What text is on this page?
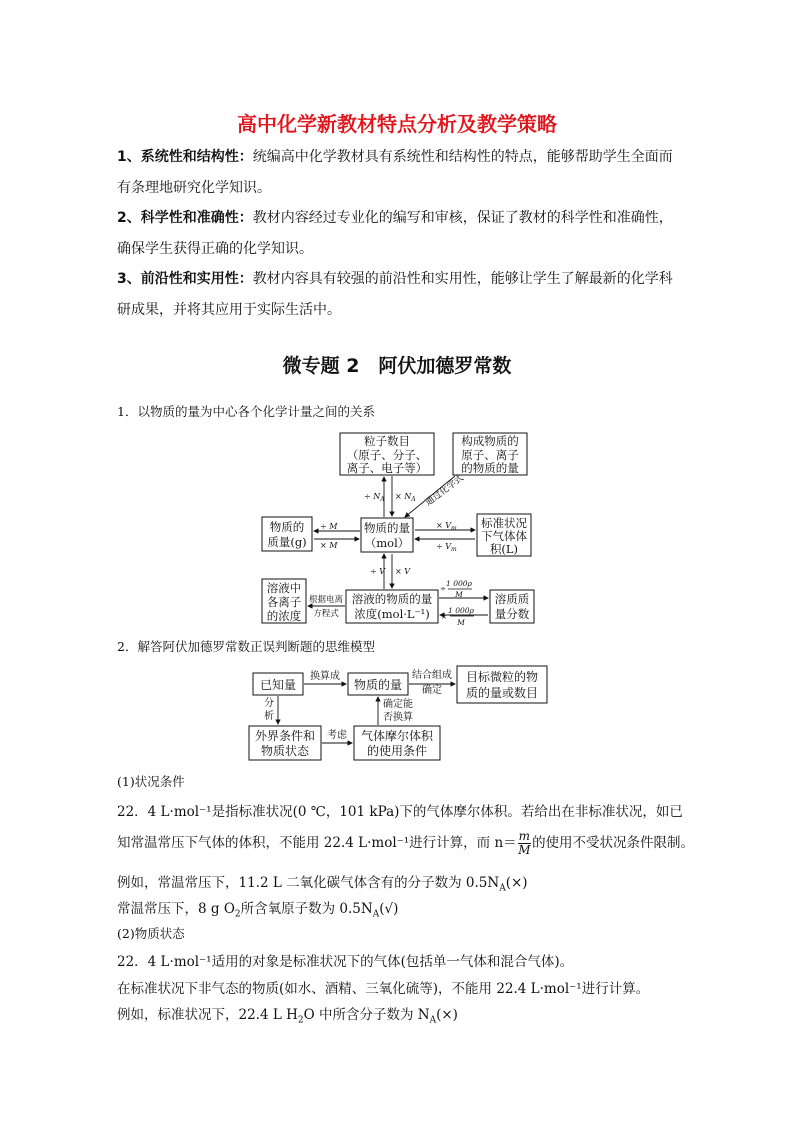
高中化学新教材特点分析及教学策略
1、系统性和结构性：统编高中化学教材具有系统性和结构性的特点，能够帮助学生全面而
有条理地研究化学知识。
2、科学性和准确性：教材内容经过专业化的编写和审核，保证了教材的科学性和准确性，
确保学生获得正确的化学知识。
3、前沿性和实用性：教材内容具有较强的前沿性和实用性，能够让学生了解最新的化学科
研成果，并将其应用于实际生活中。
微专题 2　阿伏加德罗常数
1．以物质的量为中心各个化学计量之间的关系
粒子数目
（原子、分子、
离子、电子等）
构成物质的
原子、离子
的物质的量
物质的量
（mol）
物质的
质量(g)
标准状况
下气体体
积(L)
溶液中
各离子
的浓度
溶液的物质的量
浓度(mol·L⁻¹)
溶质质
量分数
÷ $N_A \times N_A$
÷ M
× M
× $V_m$
÷ $V_m$
÷ V × V
通过化学式
根据电离
方程式
1 000ρ
M
÷
1 000ρ
M
×
2．解答阿伏加德罗常数正误判断题的思维模型
已知量	物质的量
目标微粒的物
质的量或数目
外界条件和
物质状态
气体摩尔体积
的使用条件
换算成	结合组成
确定
分
析
确定能
否换算
考虑
(1)状况条件
22．4 L·mol⁻¹是指标准状况(0 ℃，101 kPa)下的气体摩尔体积。若给出在非标准状况，如已
知常温常压下气体的体积，不能用 22.4 L·mol⁻¹进行计算，而 $n= \frac{m}{M}$的使用不受状况条件限制。
例如，常温常压下，11.2 L 二氧化碳气体含有的分子数为 $0.5N_A(\times)$
常温常压下，8 g $O_2$所含氧原子数为 $0.5N_A(√)$
(2)物质状态
22．4 L·mol⁻¹适用的对象是标准状况下的气体(包括单一气体和混合气体)。
在标准状况下非气态的物质(如水、酒精、三氧化硫等)，不能用 22.4 L·mol⁻¹进行计算。
例如，标准状况下，22.4 L $H_2O$ 中所含分子数为 $N_A(\times)$
